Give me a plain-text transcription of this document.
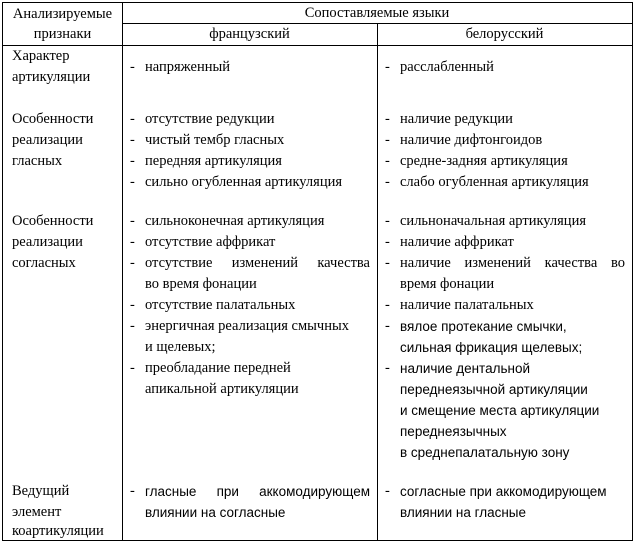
Анализируемые
признаки
Сопоставляемые языки
французский	белорусский
Характер
артикуляции
- напряженный	- расслабленный
Особенности
реализации
гласных
- отсутствие редукции
- чистый тембр гласных
- передняя артикуляция
- сильно огубленная артикуляция
- наличие редукции
- наличие дифтонгоидов
- средне-задняя артикуляция
- слабо огубленная артикуляция
Особенности
реализации
согласных
- сильноконечная артикуляция
- отсутствие аффрикат
- отсутствие изменений качества
во время фонации
- отсутствие палатальных
- энергичная реализация смычных
и щелевых;
- преобладание передней
апикальной артикуляции
- сильноначальная артикуляция
- наличие аффрикат
- наличие изменений качества во
время фонации
- наличие палатальных
- вялое протекание смычки,
сильная фрикация щелевых;
- наличие дентальной
переднеязычной артикуляции
и смещение места артикуляции
переднеязычных
в среднепалатальную зону
Ведущий
элемент
коартикуляции
- гласные при аккомодирующем
влиянии на согласные
- согласные при аккомодирующем
влиянии на гласные
